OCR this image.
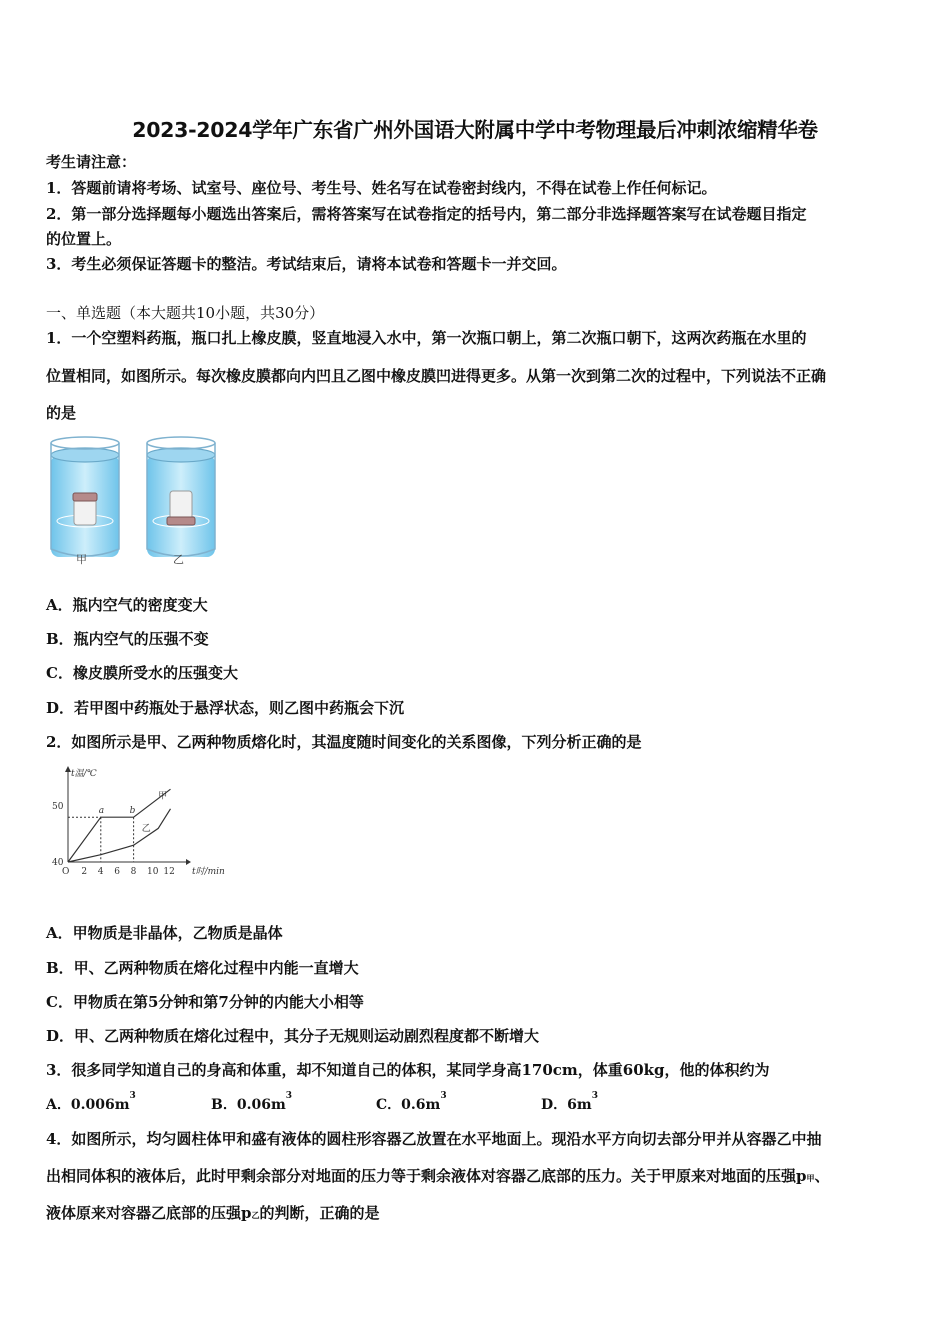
2023-2024学年广东省广州外国语大附属中学中考物理最后冲刺浓缩精华卷
考生请注意：
1．答题前请将考场、试室号、座位号、考生号、姓名写在试卷密封线内，不得在试卷上作任何标记。
2．第一部分选择题每小题选出答案后，需将答案写在试卷指定的括号内，第二部分非选择题答案写在试卷题目指定
的位置上。
3．考生必须保证答题卡的整洁。考试结束后，请将本试卷和答题卡一并交回。
一、单选题（本大题共10小题，共30分）
1．一个空塑料药瓶，瓶口扎上橡皮膜，竖直地浸入水中，第一次瓶口朝上，第二次瓶口朝下，这两次药瓶在水里的
位置相同，如图所示。每次橡皮膜都向内凹且乙图中橡皮膜凹进得更多。从第一次到第二次的过程中，下列说法不正确
的是
甲	乙
A．瓶内空气的密度变大
B．瓶内空气的压强不变
C．橡皮膜所受水的压强变大
D．若甲图中药瓶处于悬浮状态，则乙图中药瓶会下沉
2．如图所示是甲、乙两种物质熔化时，其温度随时间变化的关系图像，下列分析正确的是
t温/℃
t时/min
O 2 4 6 8 10 12
40
50
甲
乙
a	b
A．甲物质是非晶体，乙物质是晶体
B．甲、乙两种物质在熔化过程中内能一直增大
C．甲物质在第5分钟和第7分钟的内能大小相等
D．甲、乙两种物质在熔化过程中，其分子无规则运动剧烈程度都不断增大
3．很多同学知道自己的身高和体重，却不知道自己的体积，某同学身高170cm，体重60kg，他的体积约为
A．$0.006m^3$
B．$0.06m^3$
C．$0.6m^3$
D．$6m^3$
4．如图所示，均匀圆柱体甲和盛有液体的圆柱形容器乙放置在水平地面上。现沿水平方向切去部分甲并从容器乙中抽
出相同体积的液体后，此时甲剩余部分对地面的压力等于剩余液体对容器乙底部的压力。关于甲原来对地面的压强p甲、
液体原来对容器乙底部的压强p乙的判断，正确的是
